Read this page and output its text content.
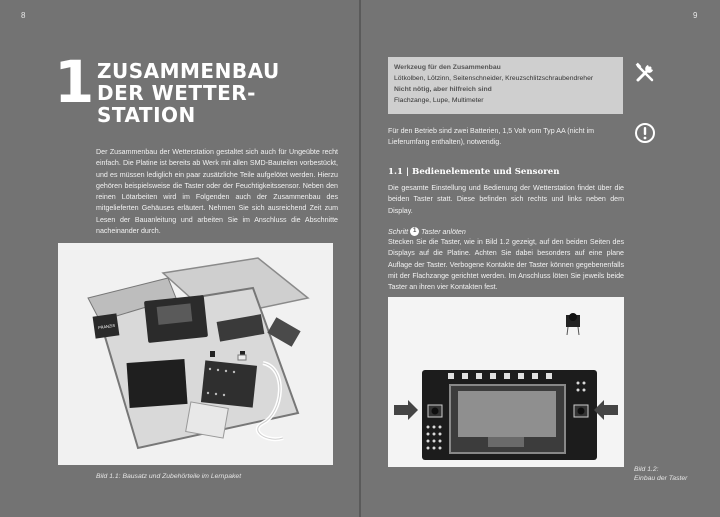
8	9
1 ZUSAMMENBAU
DER WETTER-
STATION
Der Zusammenbau der Wetterstation gestaltet sich auch für Ungeübte recht einfach. Die Platine ist bereits ab Werk mit allen SMD-Bauteilen vorbestückt, und es müssen lediglich ein paar zusätzliche Teile aufgelötet werden. Hierzu gehören beispielsweise die Taster oder der Feuchtigkeitssensor. Neben den reinen Lötarbeiten wird im Folgenden auch der Zusammenbau des mitgelieferten Gehäuses erläutert. Nehmen Sie sich ausreichend Zeit zum Lesen der Bauanleitung und arbeiten Sie im Anschluss die Abschnitte nacheinander durch.
FRANZIS
Bild 1.1: Bausatz und Zubehörteile im Lernpaket
Werkzeug für den Zusammenbau
Lötkolben, Lötzinn, Seitenschneider, Kreuzschlitzschraubendreher
Nicht nötig, aber hilfreich sind
Flachzange, Lupe, Multimeter
Für den Betrieb sind zwei Batterien, 1,5 Volt vom Typ AA (nicht im Lieferumfang enthalten), notwendig.
1.1 | Bedienelemente und Sensoren
Die gesamte Einstellung und Bedienung der Wetterstation findet über die beiden Taster statt. Diese befinden sich rechts und links neben dem Display.
Schritt 1 Taster anlöten
Stecken Sie die Taster, wie in Bild 1.2 gezeigt, auf den beiden Seiten des Displays auf die Platine. Achten Sie dabei besonders auf eine plane Auflage der Taster. Verbogene Kontakte der Taster können gegebenenfalls mit der Flachzange gerichtet werden. Im Anschluss löten Sie jeweils beide Taster an ihren vier Kontakten fest.
Bild 1.2:
Einbau der Taster
